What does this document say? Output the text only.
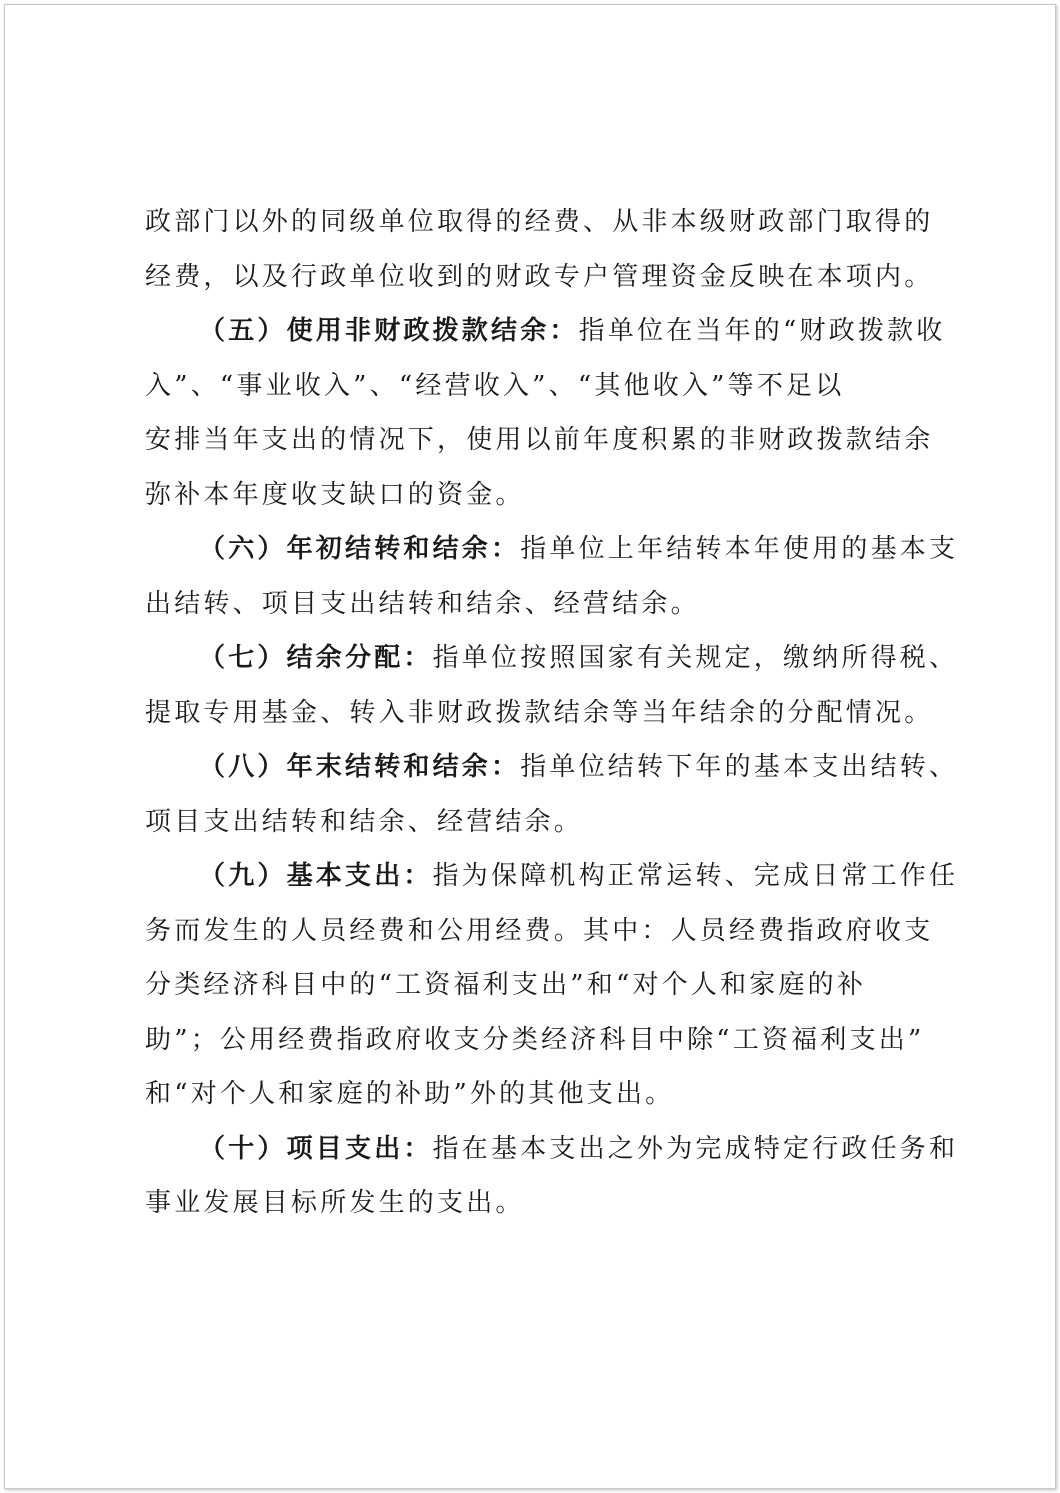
政部门以外的同级单位取得的经费、从非本级财政部门取得的
经费，以及行政单位收到的财政专户管理资金反映在本项内。
（五）使用非财政拨款结余：指单位在当年的“财政拨款收
入”、“事业收入”、“经营收入”、“其他收入”等不足以
安排当年支出的情况下，使用以前年度积累的非财政拨款结余
弥补本年度收支缺口的资金。
（六）年初结转和结余：指单位上年结转本年使用的基本支
出结转、项目支出结转和结余、经营结余。
（七）结余分配：指单位按照国家有关规定，缴纳所得税、
提取专用基金、转入非财政拨款结余等当年结余的分配情况。
（八）年末结转和结余：指单位结转下年的基本支出结转、
项目支出结转和结余、经营结余。
（九）基本支出：指为保障机构正常运转、完成日常工作任
务而发生的人员经费和公用经费。其中：人员经费指政府收支
分类经济科目中的“工资福利支出”和“对个人和家庭的补
助”；公用经费指政府收支分类经济科目中除“工资福利支出”
和“对个人和家庭的补助”外的其他支出。
（十）项目支出：指在基本支出之外为完成特定行政任务和
事业发展目标所发生的支出。
